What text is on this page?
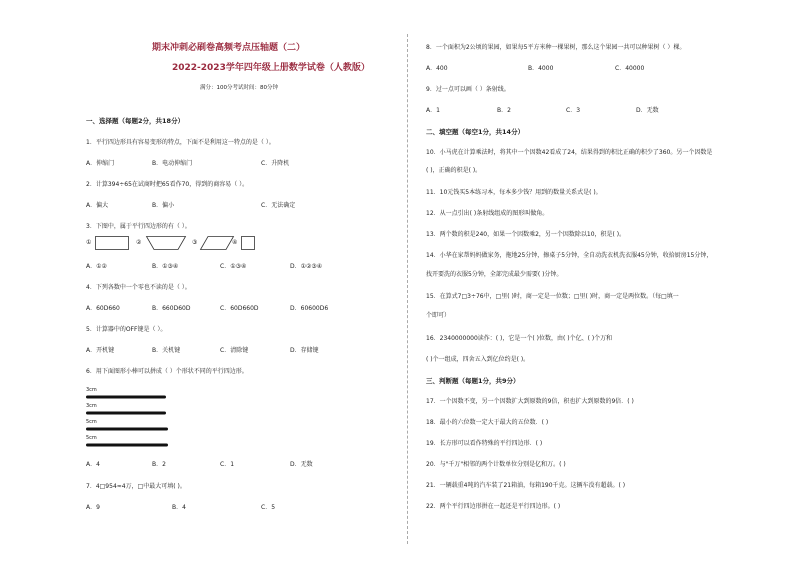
期末冲刺必刷卷高频考点压轴题（二）
2022-2023学年四年级上册数学试卷（人教版）
满分：100分考试时间：80分钟
一、选择题（每题2分，共18分）
1．平行四边形具有容易变形的特点，下面不是利用这一特点的是（ ）。
A．伸缩门	B．电动伸缩门	C．升降机
2．计算394÷65在试商时把65看作70，得到的商容易（ ）。
A．偏大	B．偏小	C．无法确定
3．下图中，属于平行四边形的有（ ）。
①	②	③	④
A．①②	B．①③④	C．①③④	D．①②③④
4．下列各数中一个零也不读的是（ ）。
A．60D660	B．660D60D	C．60D660D	D．60600D6
5．计算器中的OFF键是（ ）。
A．开机键	B．关机键	C．清除键	D．存储键
6．用下面图形小棒可以拼成（ ）个形状不同的平行四边形。
3cm
3cm
5cm
5cm
A．4	B．2	C．1	D．无数
7．4□954≈4万，□中最大可填( )。
A．9	B．4	C．5
8．一个面积为2公顷的果园，如果每5平方米种一棵果树，那么这个果园一共可以种果树（ ）棵。
A．400	B．4000	C．40000
9．过一点可以画（ ）条射线。
A．1	B．2	C．3	D．无数
二、填空题（每空1分，共14分）
10．小马虎在计算乘法时，将其中一个因数42看成了24，结果得到的积比正确的积少了360。另一个因数是
( )，正确的积是( )。
11．10元钱买5本练习本，每本多少钱？用到的数量关系式是( )。
12．从一点引出( )条射线组成的图形叫做角。
13．两个数的积是240，如果一个因数乘2，另一个因数除以10，积是( )。
14．小华在家帮妈妈做家务，拖地25分钟，擦桌子5分钟，全自动洗衣机洗衣服45分钟，收拾厨房15分钟，
找开要洗的衣服5分钟，全部完成最少需要( )分钟。
15．在算式7□3÷76中，□里( )时，商一定是一位数；□里( )时，商一定是两位数。（每□填一
个即可）
16．2340000000读作：( )，它是一个( )位数，由( )个亿、( )个万和
( )个一组成，四舍五入到亿位约是( )。
三、判断题（每题1分，共9分）
17．一个因数不变，另一个因数扩大到原数的9倍，积也扩大到原数的9倍．( )
18．最小的六位数一定大于最大的五位数．( )
19．长方形可以看作特殊的平行四边形．( )
20．与"千万"相邻的两个计数单位分别是亿和万。( )
21．一辆载重4吨的汽车装了21箱油，每箱190千克。这辆车没有超载。( )
22．两个平行四边形拼在一起还是平行四边形。( )
